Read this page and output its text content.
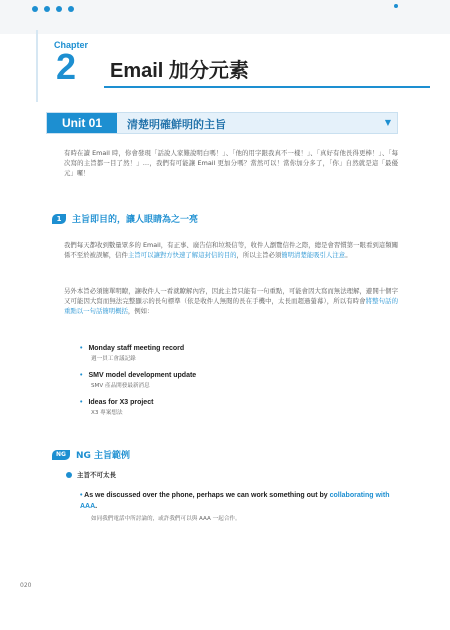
Chapter
2 Email 加分元素
Unit 01	清楚明確鮮明的主旨	▼
有時在讀 Email 時，你會發現「話說人家難說明白嗎！」、「他的用字跟我真不一樣！」、「真好有他長得更棒！」、「每次寫的主旨都一目了然！」…，我們有可能讓 Email 更加分嗎？當然可以！當你加分多了，「你」自然就是這「最優元」囉！
1	主旨即目的，讓人眼睛為之一亮
我們每天都收到數量眾多的 Email，有正事、廣告信和垃圾信等，收件人瀏覽信件之際，總是會習慣第一眼看到這類關係不至於被誤解，信件主旨可以讓對方快速了解這封信的目的，所以主旨必須簡明清楚能吸引人注意。
另外本旨必須簡單明瞭，讓收件人一看就瞭解內容，因此主旨只能有一句重點，可能會因大寫而無法理解，避開十個字又可能因大寫而無法完整顯示的長句標準（依是收件人無閱的長在手機中，太長而超過螢幕），所以有時會將整句話的重點以一句話簡明概括，例如：
• Monday staff meeting record
週一員工會議記錄
• SMV model development update
SMV 產品開發最新消息
• Ideas for X3 project
X3 專案想法
NG	NG 主旨範例
主旨不可太長
• As we discussed over the phone, perhaps we can work something out by collaborating with AAA.
如同我們電話中所討論的，或許我們可以與 AAA 一起合作。
020
